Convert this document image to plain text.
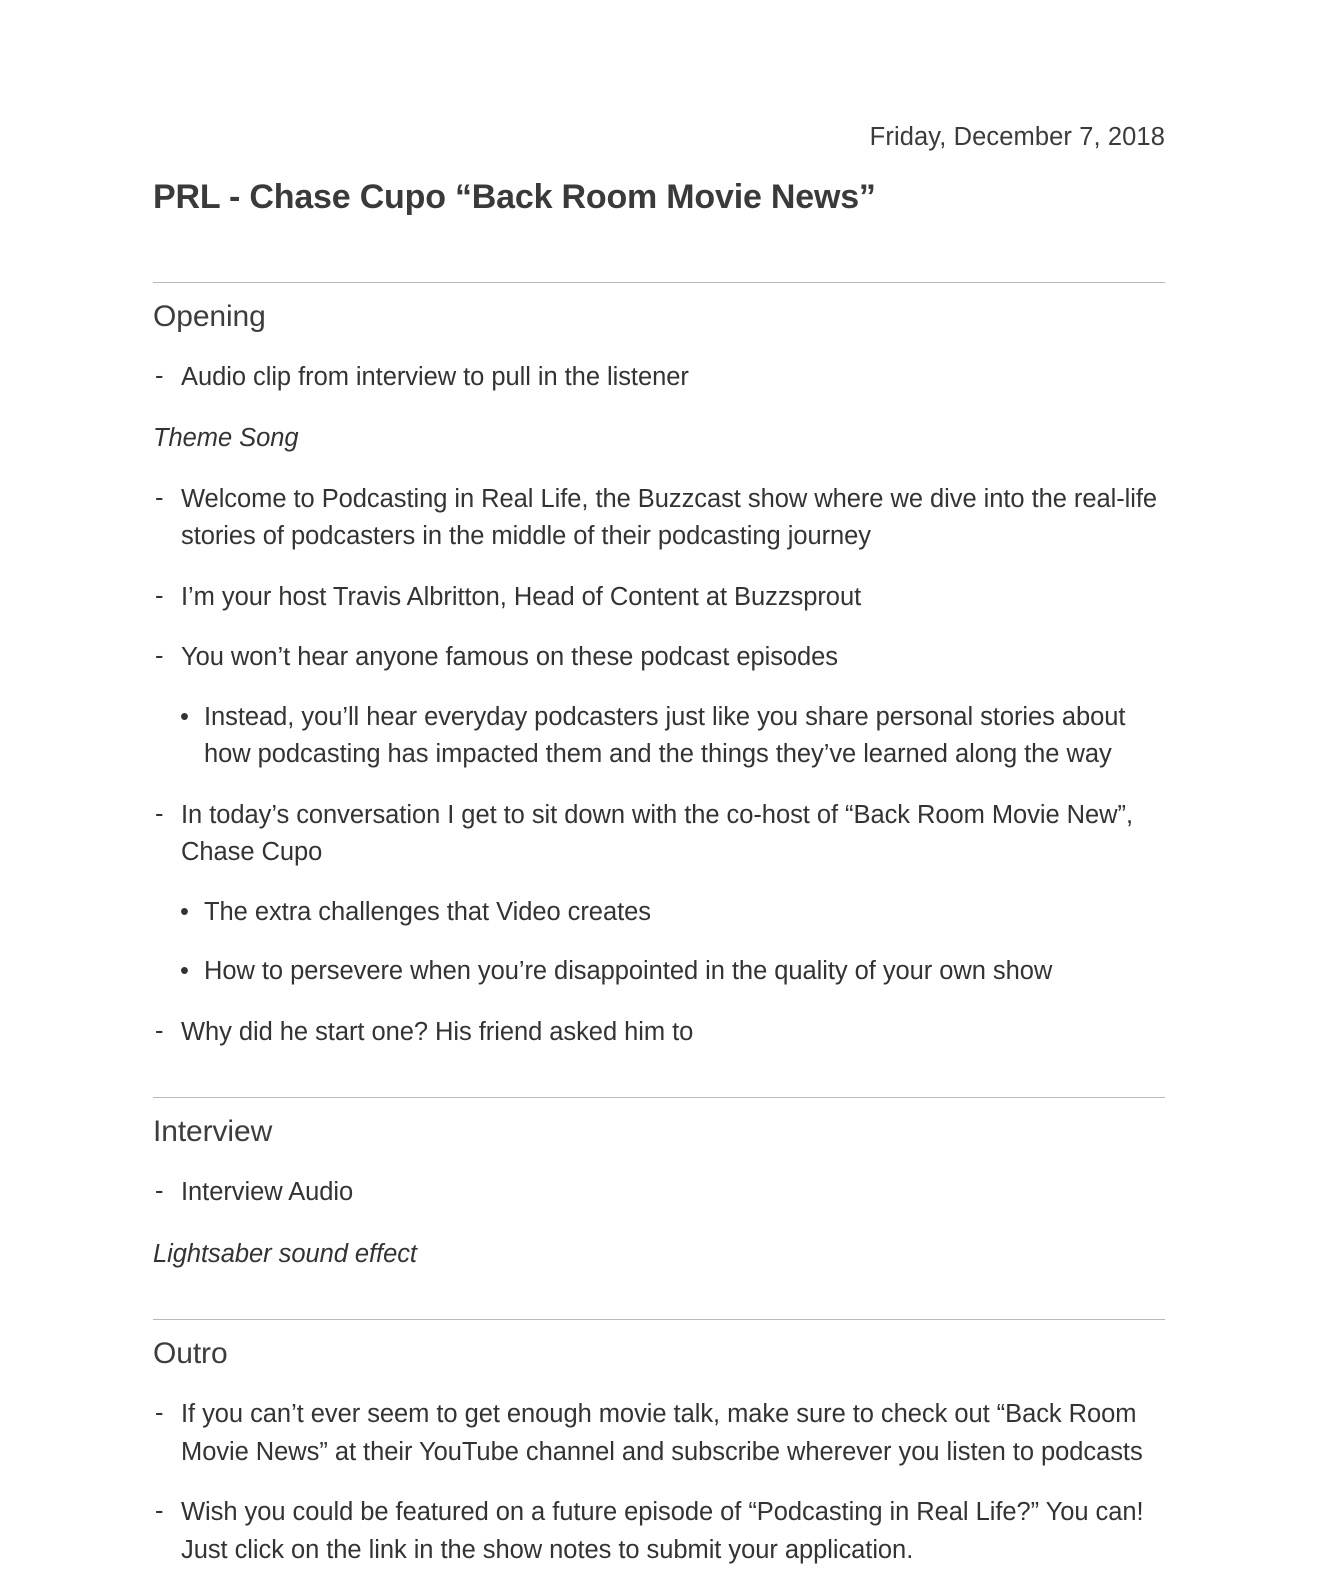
Friday, December 7, 2018
PRL - Chase Cupo “Back Room Movie News”
Opening
- Audio clip from interview to pull in the listener
Theme Song
- Welcome to Podcasting in Real Life, the Buzzcast show where we dive into the real-life stories of podcasters in the middle of their podcasting journey
- I’m your host Travis Albritton, Head of Content at Buzzsprout
- You won’t hear anyone famous on these podcast episodes
• Instead, you’ll hear everyday podcasters just like you share personal stories about how podcasting has impacted them and the things they’ve learned along the way
- In today’s conversation I get to sit down with the co-host of “Back Room Movie New”, Chase Cupo
• The extra challenges that Video creates
• How to persevere when you’re disappointed in the quality of your own show
- Why did he start one? His friend asked him to
Interview
- Interview Audio
Lightsaber sound effect
Outro
- If you can’t ever seem to get enough movie talk, make sure to check out “Back Room Movie News” at their YouTube channel and subscribe wherever you listen to podcasts
- Wish you could be featured on a future episode of “Podcasting in Real Life?” You can! Just click on the link in the show notes to submit your application.
